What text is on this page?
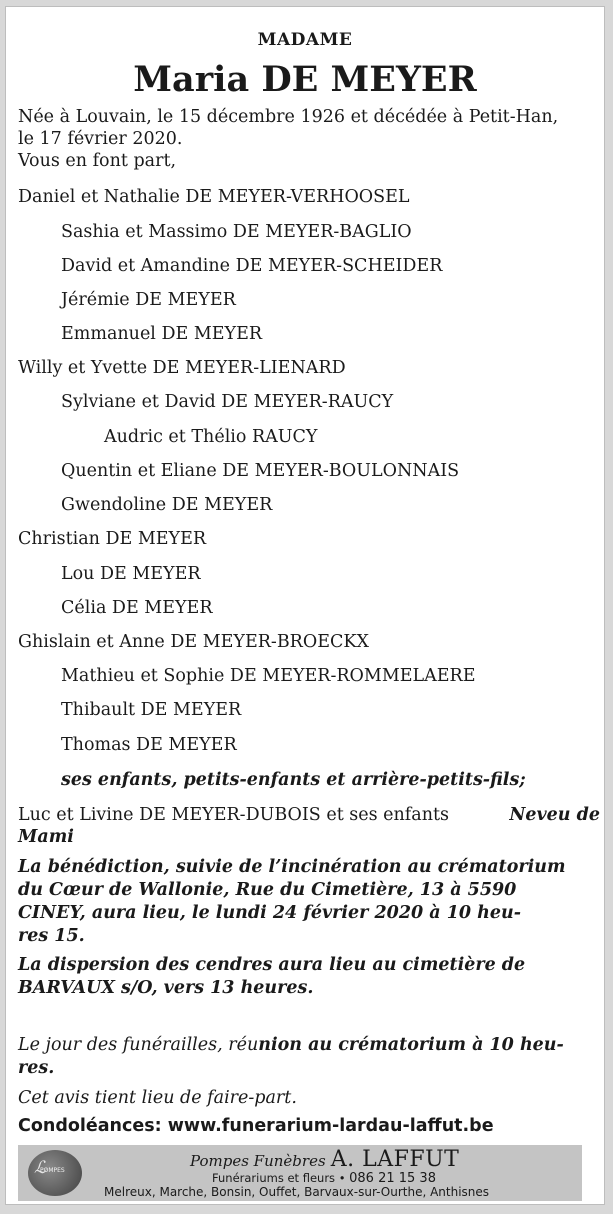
MADAME
Maria DE MEYER
Née à Louvain, le 15 décembre 1926 et décédée à Petit-Han,
le 17 février 2020.
Vous en font part,
Daniel et Nathalie DE MEYER-VERHOOSEL
Sashia et Massimo DE MEYER-BAGLIO
David et Amandine DE MEYER-SCHEIDER
Jérémie DE MEYER
Emmanuel DE MEYER
Willy et Yvette DE MEYER-LIENARD
Sylviane et David DE MEYER-RAUCY
Audric et Thélio RAUCY
Quentin et Eliane DE MEYER-BOULONNAIS
Gwendoline DE MEYER
Christian DE MEYER
Lou DE MEYER
Célia DE MEYER
Ghislain et Anne DE MEYER-BROECKX
Mathieu et Sophie DE MEYER-ROMMELAERE
Thibault DE MEYER
Thomas DE MEYER
ses enfants, petits-enfants et arrière-petits-fils;
Neveu de
Luc et Livine DE MEYER-DUBOIS et ses enfants
Mami
La bénédiction, suivie de l’incinération au crématorium
du Cœur de Wallonie, Rue du Cimetière, 13 à 5590
CINEY, aura lieu, le lundi 24 février 2020 à 10 heu-
res 15.
La dispersion des cendres aura lieu au cimetière de
BARVAUX s/O, vers 13 heures.
Le jour des funérailles, réunion au crématorium à 10 heu-
res.
Cet avis tient lieu de faire-part.
Condoléances: www.funerarium-lardau-laffut.be
ℒ
POMPES
Pompes Funèbres A. LAFFUT
Funérariums et fleurs • 086 21 15 38
Melreux, Marche, Bonsin, Ouffet, Barvaux-sur-Ourthe, Anthisnes
